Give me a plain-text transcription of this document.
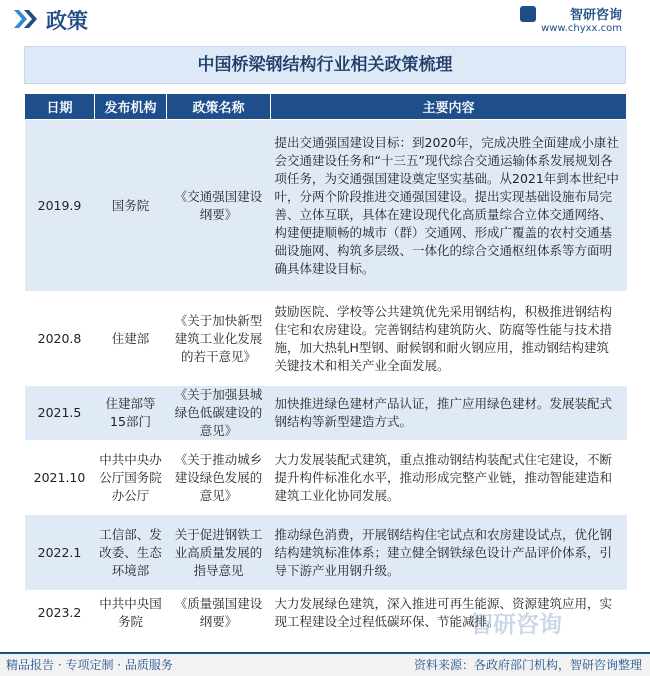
政策	智研咨询
www.chyxx.com
中国桥梁钢结构行业相关政策梳理
日期	发布机构	政策名称	主要内容
2019.9	国务院	《交通强国建设纲要》	提出交通强国建设目标：到2020年，完成决胜全面建成小康社会交通建设任务和“十三五”现代综合交通运输体系发展规划各项任务，为交通强国建设奠定坚实基础。从2021年到本世纪中叶，分两个阶段推进交通强国建设。提出实现基础设施布局完善、立体互联，具体在建设现代化高质量综合立体交通网络、构建便捷顺畅的城市（群）交通网、形成广覆盖的农村交通基础设施网、构筑多层级、一体化的综合交通枢纽体系等方面明确具体建设目标。
2020.8	住建部	《关于加快新型建筑工业化发展的若干意见》	鼓励医院、学校等公共建筑优先采用钢结构，积极推进钢结构住宅和农房建设。完善钢结构建筑防火、防腐等性能与技术措施，加大热轧H型钢、耐候钢和耐火钢应用，推动钢结构建筑关键技术和相关产业全面发展。
2021.5	住建部等15部门	《关于加强县城绿色低碳建设的意见》	加快推进绿色建材产品认证，推广应用绿色建材。发展装配式钢结构等新型建造方式。
2021.10	中共中央办公厅国务院办公厅	《关于推动城乡建设绿色发展的意见》	大力发展装配式建筑，重点推动钢结构装配式住宅建设，不断提升构件标准化水平，推动形成完整产业链，推动智能建造和建筑工业化协同发展。
2022.1	工信部、发改委、生态环境部	关于促进钢铁工业高质量发展的指导意见	推动绿色消费，开展钢结构住宅试点和农房建设试点，优化钢结构建筑标准体系；建立健全钢铁绿色设计产品评价体系，引导下游产业用钢升级。
2023.2	中共中央国务院	《质量强国建设纲要》	大力发展绿色建筑，深入推进可再生能源、资源建筑应用，实现工程建设全过程低碳环保、节能减排。
智研咨询
精品报告 · 专项定制 · 品质服务	资料来源：各政府部门机构，智研咨询整理
